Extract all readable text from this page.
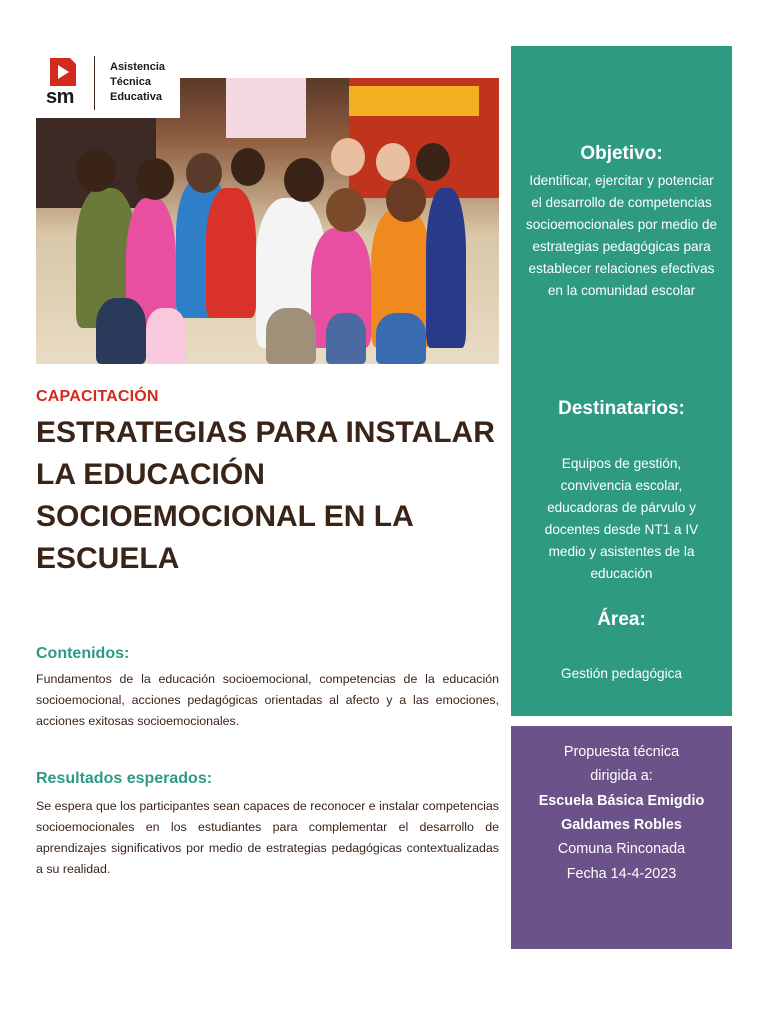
sm
Asistencia
Técnica
Educativa
CAPACITACIÓN
ESTRATEGIAS PARA INSTALAR LA EDUCACIÓN SOCIOEMOCIONAL EN LA ESCUELA
Contenidos:

Fundamentos de la educación socioemocional, competencias de la educación socioemocional, acciones pedagógicas orientadas al afecto y a las emociones, acciones exitosas socioemocionales.

Resultados esperados:

Se espera que los participantes sean capaces de reconocer e instalar competencias socioemocionales en los estudiantes para complementar el desarrollo de aprendizajes significativos por medio de estrategias pedagógicas contextualizadas a su realidad.

Objetivo:

Identificar, ejercitar y potenciar el desarrollo de competencias socioemocionales por medio de estrategias pedagógicas para establecer relaciones efectivas en la comunidad escolar

Destinatarios:

Equipos de gestión, convivencia escolar, educadoras de párvulo y docentes desde NT1 a IV medio y asistentes de la educación

Área:

Gestión pedagógica

Propuesta técnica

dirigida a:

Escuela Básica Emigdio

Galdames Robles

Comuna Rinconada

Fecha 14-4-2023
